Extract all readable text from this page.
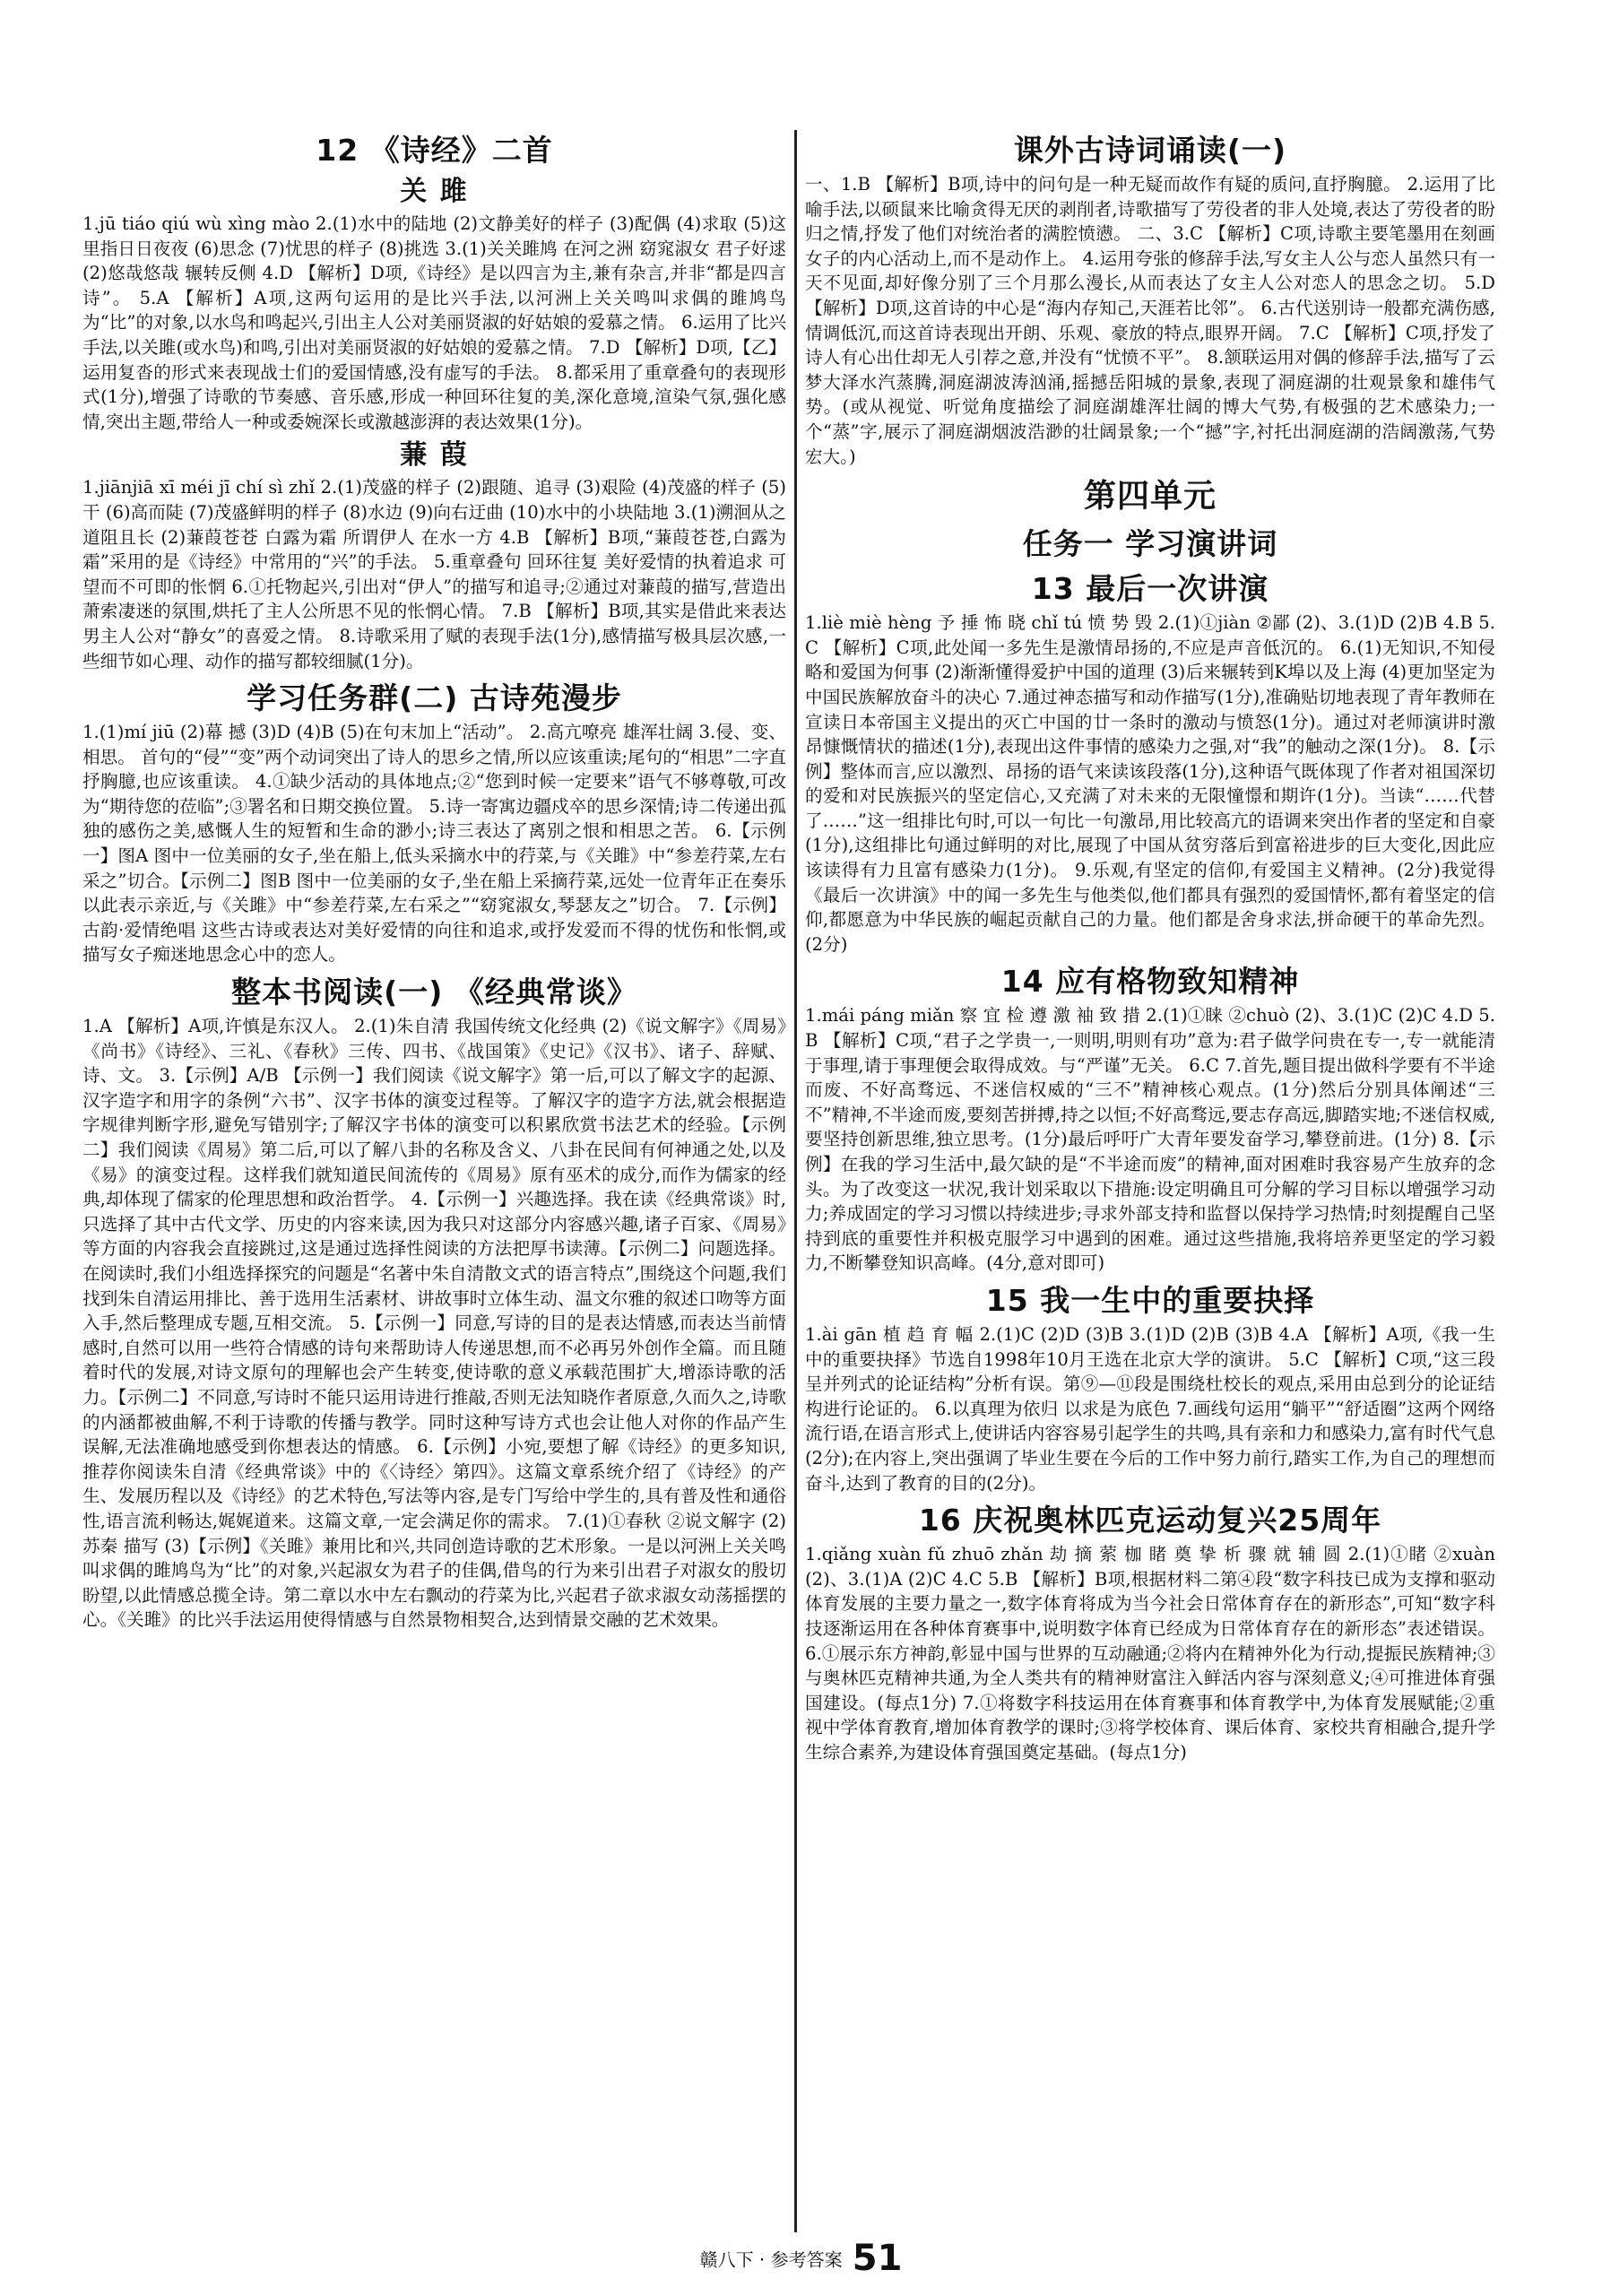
12 《诗经》二首
关 雎
1.jū tiáo qiú wù xìng mào 2.(1)水中的陆地 (2)文静美好的样子 (3)配偶 (4)求取 (5)这里指日日夜夜 (6)思念 (7)忧思的样子 (8)挑选 3.(1)关关雎鸠 在河之洲 窈窕淑女 君子好逑 (2)悠哉悠哉 辗转反侧 4.D 【解析】D项,《诗经》是以四言为主,兼有杂言,并非“都是四言诗”。 5.A 【解析】A项,这两句运用的是比兴手法,以河洲上关关鸣叫求偶的雎鸠鸟为“比”的对象,以水鸟和鸣起兴,引出主人公对美丽贤淑的好姑娘的爱慕之情。 6.运用了比兴手法,以关雎(或水鸟)和鸣,引出对美丽贤淑的好姑娘的爱慕之情。 7.D 【解析】D项,【乙】运用复沓的形式来表现战士们的爱国情感,没有虚写的手法。 8.都采用了重章叠句的表现形式(1分),增强了诗歌的节奏感、音乐感,形成一种回环往复的美,深化意境,渲染气氛,强化感情,突出主题,带给人一种或委婉深长或激越澎湃的表达效果(1分)。
蒹 葭
1.jiānjiā xī méi jī chí sì zhǐ 2.(1)茂盛的样子 (2)跟随、追寻 (3)艰险 (4)茂盛的样子 (5)干 (6)高而陡 (7)茂盛鲜明的样子 (8)水边 (9)向右迂曲 (10)水中的小块陆地 3.(1)溯洄从之 道阻且长 (2)蒹葭苍苍 白露为霜 所谓伊人 在水一方 4.B 【解析】B项,“蒹葭苍苍,白露为霜”采用的是《诗经》中常用的“兴”的手法。 5.重章叠句 回环往复 美好爱情的执着追求 可望而不可即的怅惘 6.①托物起兴,引出对“伊人”的描写和追寻;②通过对蒹葭的描写,营造出萧索凄迷的氛围,烘托了主人公所思不见的怅惘心情。 7.B 【解析】B项,其实是借此来表达男主人公对“静女”的喜爱之情。 8.诗歌采用了赋的表现手法(1分),感情描写极具层次感,一些细节如心理、动作的描写都较细腻(1分)。
学习任务群(二) 古诗苑漫步
1.(1)mí jiū (2)幕 撼 (3)D (4)B (5)在句末加上“活动”。 2.高亢嘹亮 雄浑壮阔 3.侵、变、相思。 首句的“侵”“变”两个动词突出了诗人的思乡之情,所以应该重读;尾句的“相思”二字直抒胸臆,也应该重读。 4.①缺少活动的具体地点;②“您到时候一定要来”语气不够尊敬,可改为“期待您的莅临”;③署名和日期交换位置。 5.诗一寄寓边疆戍卒的思乡深情;诗二传递出孤独的感伤之美,感慨人生的短暂和生命的渺小;诗三表达了离别之恨和相思之苦。 6.【示例一】图A 图中一位美丽的女子,坐在船上,低头采摘水中的荇菜,与《关雎》中“参差荇菜,左右采之”切合。【示例二】图B 图中一位美丽的女子,坐在船上采摘荇菜,远处一位青年正在奏乐以此表示亲近,与《关雎》中“参差荇菜,左右采之”“窈窕淑女,琴瑟友之”切合。 7.【示例】古韵·爱情绝唱 这些古诗或表达对美好爱情的向往和追求,或抒发爱而不得的忧伤和怅惘,或描写女子痴迷地思念心中的恋人。
整本书阅读(一) 《经典常谈》
1.A 【解析】A项,许慎是东汉人。 2.(1)朱自清 我国传统文化经典 (2)《说文解字》《周易》《尚书》《诗经》、三礼、《春秋》三传、四书、《战国策》《史记》《汉书》、诸子、辞赋、诗、文。 3.【示例】A/B 【示例一】我们阅读《说文解字》第一后,可以了解文字的起源、汉字造字和用字的条例“六书”、汉字书体的演变过程等。了解汉字的造字方法,就会根据造字规律判断字形,避免写错别字;了解汉字书体的演变可以积累欣赏书法艺术的经验。【示例二】我们阅读《周易》第二后,可以了解八卦的名称及含义、八卦在民间有何神通之处,以及《易》的演变过程。这样我们就知道民间流传的《周易》原有巫术的成分,而作为儒家的经典,却体现了儒家的伦理思想和政治哲学。 4.【示例一】兴趣选择。我在读《经典常谈》时,只选择了其中古代文学、历史的内容来读,因为我只对这部分内容感兴趣,诸子百家、《周易》等方面的内容我会直接跳过,这是通过选择性阅读的方法把厚书读薄。【示例二】问题选择。在阅读时,我们小组选择探究的问题是“名著中朱自清散文式的语言特点”,围绕这个问题,我们找到朱自清运用排比、善于选用生活素材、讲故事时立体生动、温文尔雅的叙述口吻等方面入手,然后整理成专题,互相交流。 5.【示例一】同意,写诗的目的是表达情感,而表达当前情感时,自然可以用一些符合情感的诗句来帮助诗人传递思想,而不必再另外创作全篇。而且随着时代的发展,对诗文原句的理解也会产生转变,使诗歌的意义承载范围扩大,增添诗歌的活力。【示例二】不同意,写诗时不能只运用诗进行推敲,否则无法知晓作者原意,久而久之,诗歌的内涵都被曲解,不利于诗歌的传播与教学。同时这种写诗方式也会让他人对你的作品产生误解,无法准确地感受到你想表达的情感。 6.【示例】小宛,要想了解《诗经》的更多知识,推荐你阅读朱自清《经典常谈》中的《〈诗经〉第四》。这篇文章系统介绍了《诗经》的产生、发展历程以及《诗经》的艺术特色,写法等内容,是专门写给中学生的,具有普及性和通俗性,语言流利畅达,娓娓道来。这篇文章,一定会满足你的需求。 7.(1)①春秋 ②说文解字 (2)苏秦 描写 (3)【示例】《关雎》兼用比和兴,共同创造诗歌的艺术形象。一是以河洲上关关鸣叫求偶的雎鸠鸟为“比”的对象,兴起淑女为君子的佳偶,借鸟的行为来引出君子对淑女的殷切盼望,以此情感总揽全诗。第二章以水中左右飘动的荇菜为比,兴起君子欲求淑女动荡摇摆的心。《关雎》的比兴手法运用使得情感与自然景物相契合,达到情景交融的艺术效果。
课外古诗词诵读(一)
一、1.B 【解析】B项,诗中的问句是一种无疑而故作有疑的质问,直抒胸臆。 2.运用了比喻手法,以硕鼠来比喻贪得无厌的剥削者,诗歌描写了劳役者的非人处境,表达了劳役者的盼归之情,抒发了他们对统治者的满腔愤懑。 二、3.C 【解析】C项,诗歌主要笔墨用在刻画女子的内心活动上,而不是动作上。 4.运用夸张的修辞手法,写女主人公与恋人虽然只有一天不见面,却好像分别了三个月那么漫长,从而表达了女主人公对恋人的思念之切。 5.D 【解析】D项,这首诗的中心是“海内存知己,天涯若比邻”。 6.古代送别诗一般都充满伤感,情调低沉,而这首诗表现出开朗、乐观、豪放的特点,眼界开阔。 7.C 【解析】C项,抒发了诗人有心出仕却无人引荐之意,并没有“忧愤不平”。 8.颔联运用对偶的修辞手法,描写了云梦大泽水汽蒸腾,洞庭湖波涛汹涌,摇撼岳阳城的景象,表现了洞庭湖的壮观景象和雄伟气势。(或从视觉、听觉角度描绘了洞庭湖雄浑壮阔的博大气势,有极强的艺术感染力;一个“蒸”字,展示了洞庭湖烟波浩渺的壮阔景象;一个“撼”字,衬托出洞庭湖的浩阔激荡,气势宏大。)
第四单元
任务一 学习演讲词
13 最后一次讲演
1.liè miè hèng 予 捶 怖 晓 chǐ tú 愤 势 毁 2.(1)①jiàn ②鄙 (2)、3.(1)D (2)B 4.B 5.C 【解析】C项,此处闻一多先生是激情昂扬的,不应是声音低沉的。 6.(1)无知识,不知侵略和爱国为何事 (2)渐渐懂得爱护中国的道理 (3)后来辗转到K埠以及上海 (4)更加坚定为中国民族解放奋斗的决心 7.通过神态描写和动作描写(1分),准确贴切地表现了青年教师在宣读日本帝国主义提出的灭亡中国的廿一条时的激动与愤怒(1分)。通过对老师演讲时激昂慷慨情状的描述(1分),表现出这件事情的感染力之强,对“我”的触动之深(1分)。 8.【示例】整体而言,应以激烈、昂扬的语气来读该段落(1分),这种语气既体现了作者对祖国深切的爱和对民族振兴的坚定信心,又充满了对未来的无限憧憬和期许(1分)。当读“……代替了……”这一组排比句时,可以一句比一句激昂,用比较高亢的语调来突出作者的坚定和自豪(1分),这组排比句通过鲜明的对比,展现了中国从贫穷落后到富裕进步的巨大变化,因此应该读得有力且富有感染力(1分)。 9.乐观,有坚定的信仰,有爱国主义精神。(2分)我觉得《最后一次讲演》中的闻一多先生与他类似,他们都具有强烈的爱国情怀,都有着坚定的信仰,都愿意为中华民族的崛起贡献自己的力量。他们都是舍身求法,拼命硬干的革命先烈。(2分)
14 应有格物致知精神
1.mái páng miǎn 察 宜 检 遵 激 袖 致 措 2.(1)①睐 ②chuò (2)、3.(1)C (2)C 4.D 5.B 【解析】C项,“君子之学贵一,一则明,明则有功”意为:君子做学问贵在专一,专一就能清于事理,请于事理便会取得成效。与“严谨”无关。 6.C 7.首先,题目提出做科学要有不半途而废、不好高骛远、不迷信权威的“三不”精神核心观点。(1分)然后分别具体阐述“三不”精神,不半途而废,要刻苦拼搏,持之以恒;不好高骛远,要志存高远,脚踏实地;不迷信权威,要坚持创新思维,独立思考。(1分)最后呼吁广大青年要发奋学习,攀登前进。(1分) 8.【示例】在我的学习生活中,最欠缺的是“不半途而废”的精神,面对困难时我容易产生放弃的念头。为了改变这一状况,我计划采取以下措施:设定明确且可分解的学习目标以增强学习动力;养成固定的学习习惯以持续进步;寻求外部支持和监督以保持学习热情;时刻提醒自己坚持到底的重要性并积极克服学习中遇到的困难。通过这些措施,我将培养更坚定的学习毅力,不断攀登知识高峰。(4分,意对即可)
15 我一生中的重要抉择
1.ài gān 植 趋 育 幅 2.(1)C (2)D (3)B 3.(1)D (2)B (3)B 4.A 【解析】A项,《我一生中的重要抉择》节选自1998年10月王选在北京大学的演讲。 5.C 【解析】C项,“这三段呈并列式的论证结构”分析有误。第⑨—⑪段是围绕杜校长的观点,采用由总到分的论证结构进行论证的。 6.以真理为依归 以求是为底色 7.画线句运用“躺平”“舒适圈”这两个网络流行语,在语言形式上,使讲话内容容易引起学生的共鸣,具有亲和力和感染力,富有时代气息(2分);在内容上,突出强调了毕业生要在今后的工作中努力前行,踏实工作,为自己的理想而奋斗,达到了教育的目的(2分)。
16 庆祝奥林匹克运动复兴25周年
1.qiǎng xuàn fǔ zhuō zhǎn 劫 摘 萦 枷 睹 奠 挚 析 骤 就 辅 圆 2.(1)①睹 ②xuàn (2)、3.(1)A (2)C 4.C 5.B 【解析】B项,根据材料二第④段“数字科技已成为支撑和驱动体育发展的主要力量之一,数字体育将成为当今社会日常体育存在的新形态”,可知“数字科技逐渐运用在各种体育赛事中,说明数字体育已经成为日常体育存在的新形态”表述错误。 6.①展示东方神韵,彰显中国与世界的互动融通;②将内在精神外化为行动,提振民族精神;③与奥林匹克精神共通,为全人类共有的精神财富注入鲜活内容与深刻意义;④可推进体育强国建设。(每点1分) 7.①将数字科技运用在体育赛事和体育教学中,为体育发展赋能;②重视中学体育教育,增加体育教学的课时;③将学校体育、课后体育、家校共育相融合,提升学生综合素养,为建设体育强国奠定基础。(每点1分)
赣八下 · 参考答案 51
